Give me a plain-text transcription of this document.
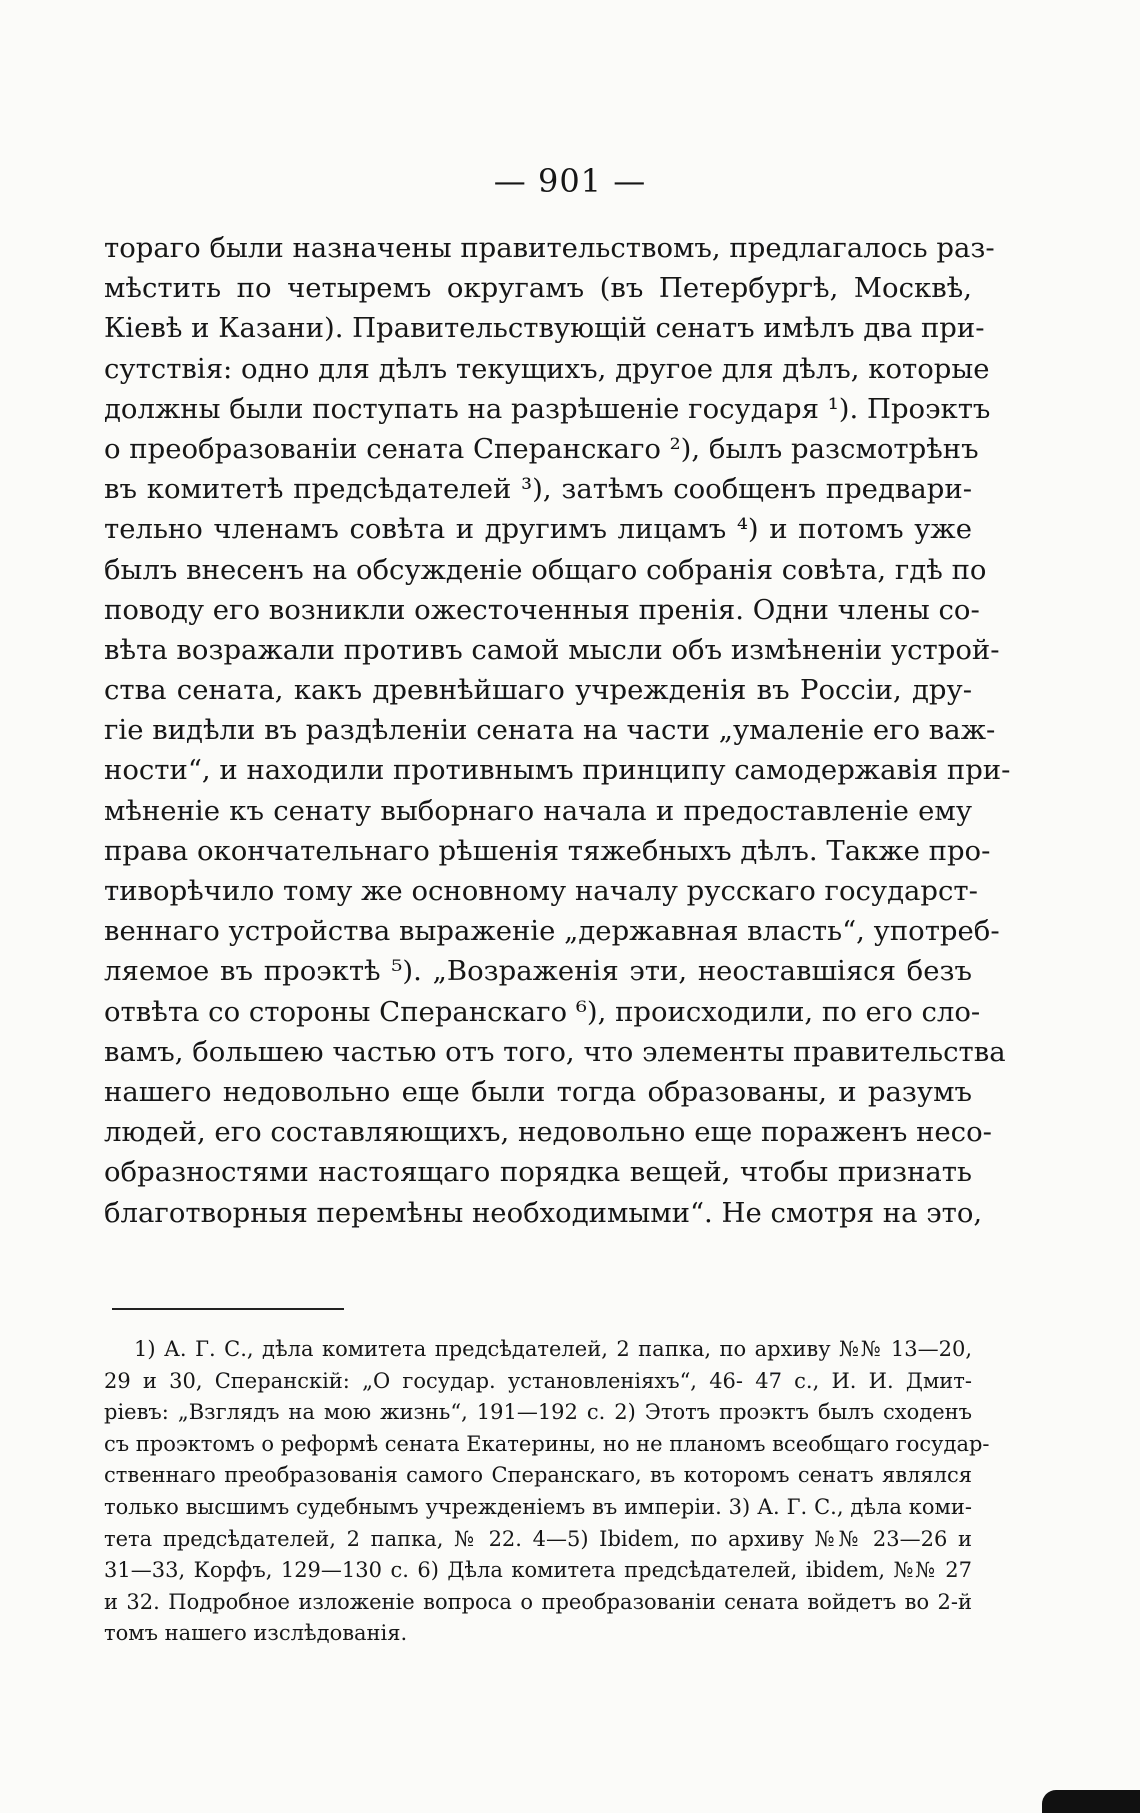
— 901 —
тораго были назначены правительствомъ, предлагалось раз-
мѣстить по четыремъ округамъ (въ Петербургѣ, Москвѣ,
Кіевѣ и Казани). Правительствующій сенатъ имѣлъ два при-
сутствія: одно для дѣлъ текущихъ, другое для дѣлъ, которые
должны были поступать на разрѣшеніе государя ¹). Проэктъ
о преобразованіи сената Сперанскаго ²), былъ разсмотрѣнъ
въ комитетѣ предсѣдателей ³), затѣмъ сообщенъ предвари-
тельно членамъ совѣта и другимъ лицамъ ⁴) и потомъ уже
былъ внесенъ на обсужденіе общаго собранія совѣта, гдѣ по
поводу его возникли ожесточенныя пренія. Одни члены со-
вѣта возражали противъ самой мысли объ измѣненіи устрой-
ства сената, какъ древнѣйшаго учрежденія въ Россіи, дру-
гіе видѣли въ раздѣленіи сената на части „умаленіе его важ-
ности“, и находили противнымъ принципу самодержавія при-
мѣненіе къ сенату выборнаго начала и предоставленіе ему
права окончательнаго рѣшенія тяжебныхъ дѣлъ. Также про-
тиворѣчило тому же основному началу русскаго государст-
веннаго устройства выраженіе „державная власть“, употреб-
ляемое въ проэктѣ ⁵). „Возраженія эти, неоставшіяся безъ
отвѣта со стороны Сперанскаго ⁶), происходили, по его сло-
вамъ, большею частью отъ того, что элементы правительства
нашего недовольно еще были тогда образованы, и разумъ
людей, его составляющихъ, недовольно еще пораженъ несо-
образностями настоящаго порядка вещей, чтобы признать
благотворныя перемѣны необходимыми“. Не смотря на это,
1) А. Г. С., дѣла комитета предсѣдателей, 2 папка, по архиву №№ 13—20,
29 и 30, Сперанскій: „О государ. установленіяхъ“, 46- 47 с., И. И. Дмит-
ріевъ: „Взглядъ на мою жизнь“, 191—192 с. 2) Этотъ проэктъ былъ сходенъ
съ проэктомъ о реформѣ сената Екатерины, но не планомъ всеобщаго государ-
ственнаго преобразованія самого Сперанскаго, въ которомъ сенатъ являлся
только высшимъ судебнымъ учрежденіемъ въ имперіи. 3) А. Г. С., дѣла коми-
тета предсѣдателей, 2 папка, № 22. 4—5) Ibidem, по архиву №№ 23—26 и
31—33, Корфъ, 129—130 с. 6) Дѣла комитета предсѣдателей, ibidem, №№ 27
и 32. Подробное изложеніе вопроса о преобразованіи сената войдетъ во 2-й
томъ нашего изслѣдованія.
